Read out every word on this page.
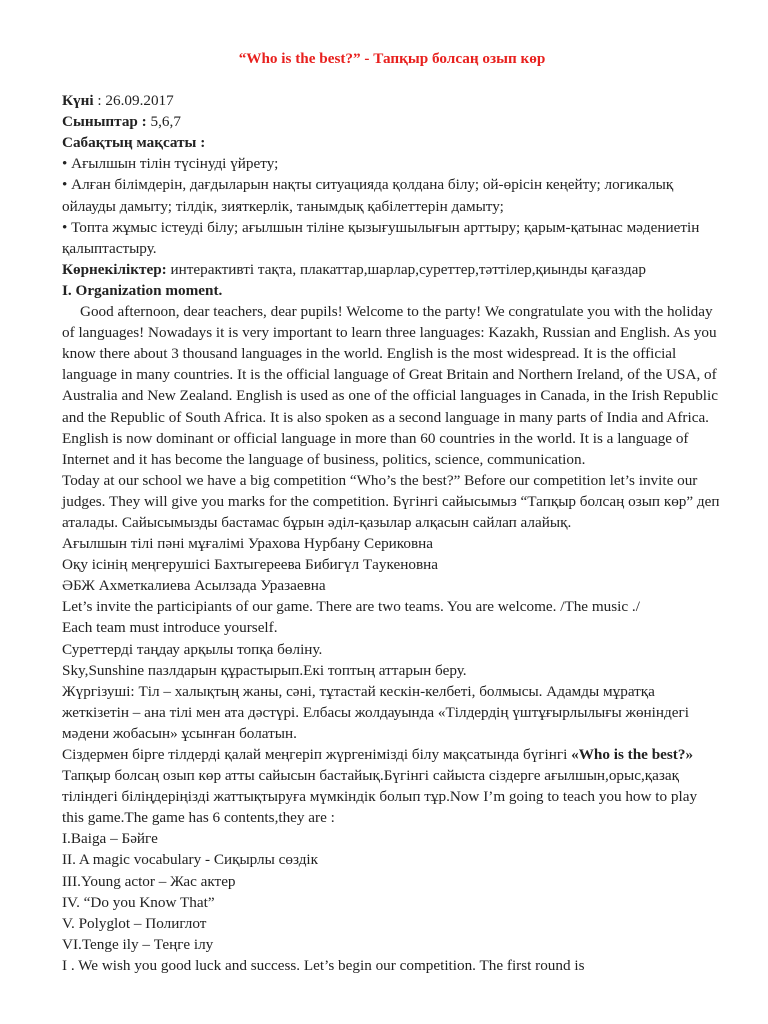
“Who is the best?” - Тапқыр болсаң озып көр

Күні : 26.09.2017

Сыныптар : 5,6,7

Сабақтың мақсаты :

• Ағылшын тілін түсінуді үйрету;

• Алған білімдерін, дағдыларын нақты ситуацияда қолдана білу; ой-өрісін кеңейту; логикалық ойлауды дамыту; тілдік, зияткерлік, танымдық қабілеттерін дамыту;

• Топта жұмыс істеуді білу; ағылшын тіліне қызығушылығын арттыру; қарым-қатынас мәдениетін қалыптастыру.

Көрнекіліктер: интерактивті тақта, плакаттар,шарлар,суреттер,тәттілер,қиынды қағаздар

I. Organization moment.

Good afternoon, dear teachers, dear pupils! Welcome to the party! We congratulate you with the holiday of languages! Nowadays it is very important to learn three languages: Kazakh, Russian and English. As you know there about 3 thousand languages in the world. English is the most widespread. It is the official language in many countries. It is the official language of Great Britain and Northern Ireland, of the USA, of Australia and New Zealand. English is used as one of the official languages in Canada, in the Irish Republic and the Republic of South Africa. It is also spoken as a second language in many parts of India and Africa. English is now dominant or official language in more than 60 countries in the world. It is a language of Internet and it has become the language of business, politics, science, communication.

Today at our school we have a big competition “Who’s the best?” Before our competition let’s invite our judges. They will give you marks for the competition. Бүгінгі сайысымыз “Тапқыр болсаң озып көр” деп аталады. Сайысымызды бастамас бұрын әділ-қазылар алқасын сайлап алайық.

Ағылшын тілі пәні мұғалімі Урахова Нурбану Сериковна

Оқу ісінің меңгерушісі Бахтыгереева Бибигүл Тaукеновна

ӘБЖ Ахметкалиева Асылзада Уразаевна

Let’s invite the participiants of our game. There are two teams. You are welcome. /The music ./

Each team must introduce yourself.

Суреттерді таңдау арқылы топқа бөліну.

Sky,Sunshine пазлдарын құрастырып.Екі топтың аттарын беру.

Жүргізуші: Тіл – халықтың жаны, сәні, тұтастай кескін-келбеті, болмысы. Адамды мұратқа

жеткізетін – ана тілі мен ата дәстүрі. Елбасы жолдауында «Тілдердің үштұғырлылығы жөніндегі мәдени жобасын» ұсынған болатын.

Сіздермен бірге тілдерді қалай меңгеріп жүргенімізді білу мақсатында бүгінгі «Who is the best?»

Тапқыр болсаң озып көр атты сайысын бастайық.Бүгінгі сайыста сіздерге ағылшын,орыс,қазақ тіліндегі біліңдеріңізді жаттықтыруға мүмкіндік болып тұр.Now I’m going to teach you how to play this game.The game has 6 contents,they are :

I.Baiga – Бәйге

II. A magic vocabulary - Сиқырлы сөздік

III.Young actor – Жас актер

IV. “Do you Know That”

V. Polyglot – Полиглот

VI.Tenge ily – Теңге ілу

I . We wish you good luck and success. Let’s begin our competition. The first round is
